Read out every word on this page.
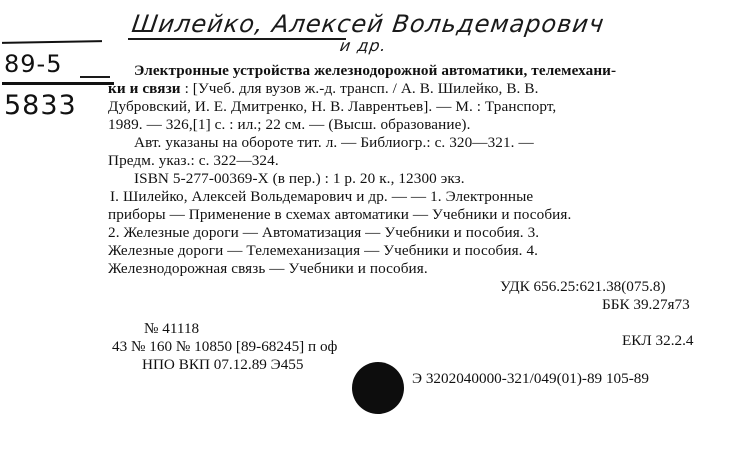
Шилейко, Алексей Вольдемарович
и др.
89-5
5833
Электронные устройства железнодорожной автоматики, телемехани-
ки и связи : [Учеб. для вузов ж.-д. трансп. / А. В. Шилейко, В. В.
Дубровский, И. Е. Дмитренко, Н. В. Лаврентьев]. — М. : Транспорт,
1989. — 326,[1] с. : ил.; 22 см. — (Высш. образование).
Авт. указаны на обороте тит. л. — Библиогр.: с. 320—321. —
Предм. указ.: с. 322—324.
ISBN 5-277-00369-X (в пер.) : 1 р. 20 к., 12300 экз.
I. Шилейко, Алексей Вольдемарович и др. — — 1. Электронные
приборы — Применение в схемах автоматики — Учебники и пособия.
2. Железные дороги — Автоматизация — Учебники и пособия. 3.
Железные дороги — Телемеханизация — Учебники и пособия. 4.
Железнодорожная связь — Учебники и пособия.
УДК 656.25:621.38(075.8)
ББК 39.27я73
№ 41118
43 № 160 № 10850 [89-68245] п оф	ЕКЛ 32.2.4
НПО ВКП 07.12.89 Э455
Э 3202040000-321/049(01)-89 105-89
